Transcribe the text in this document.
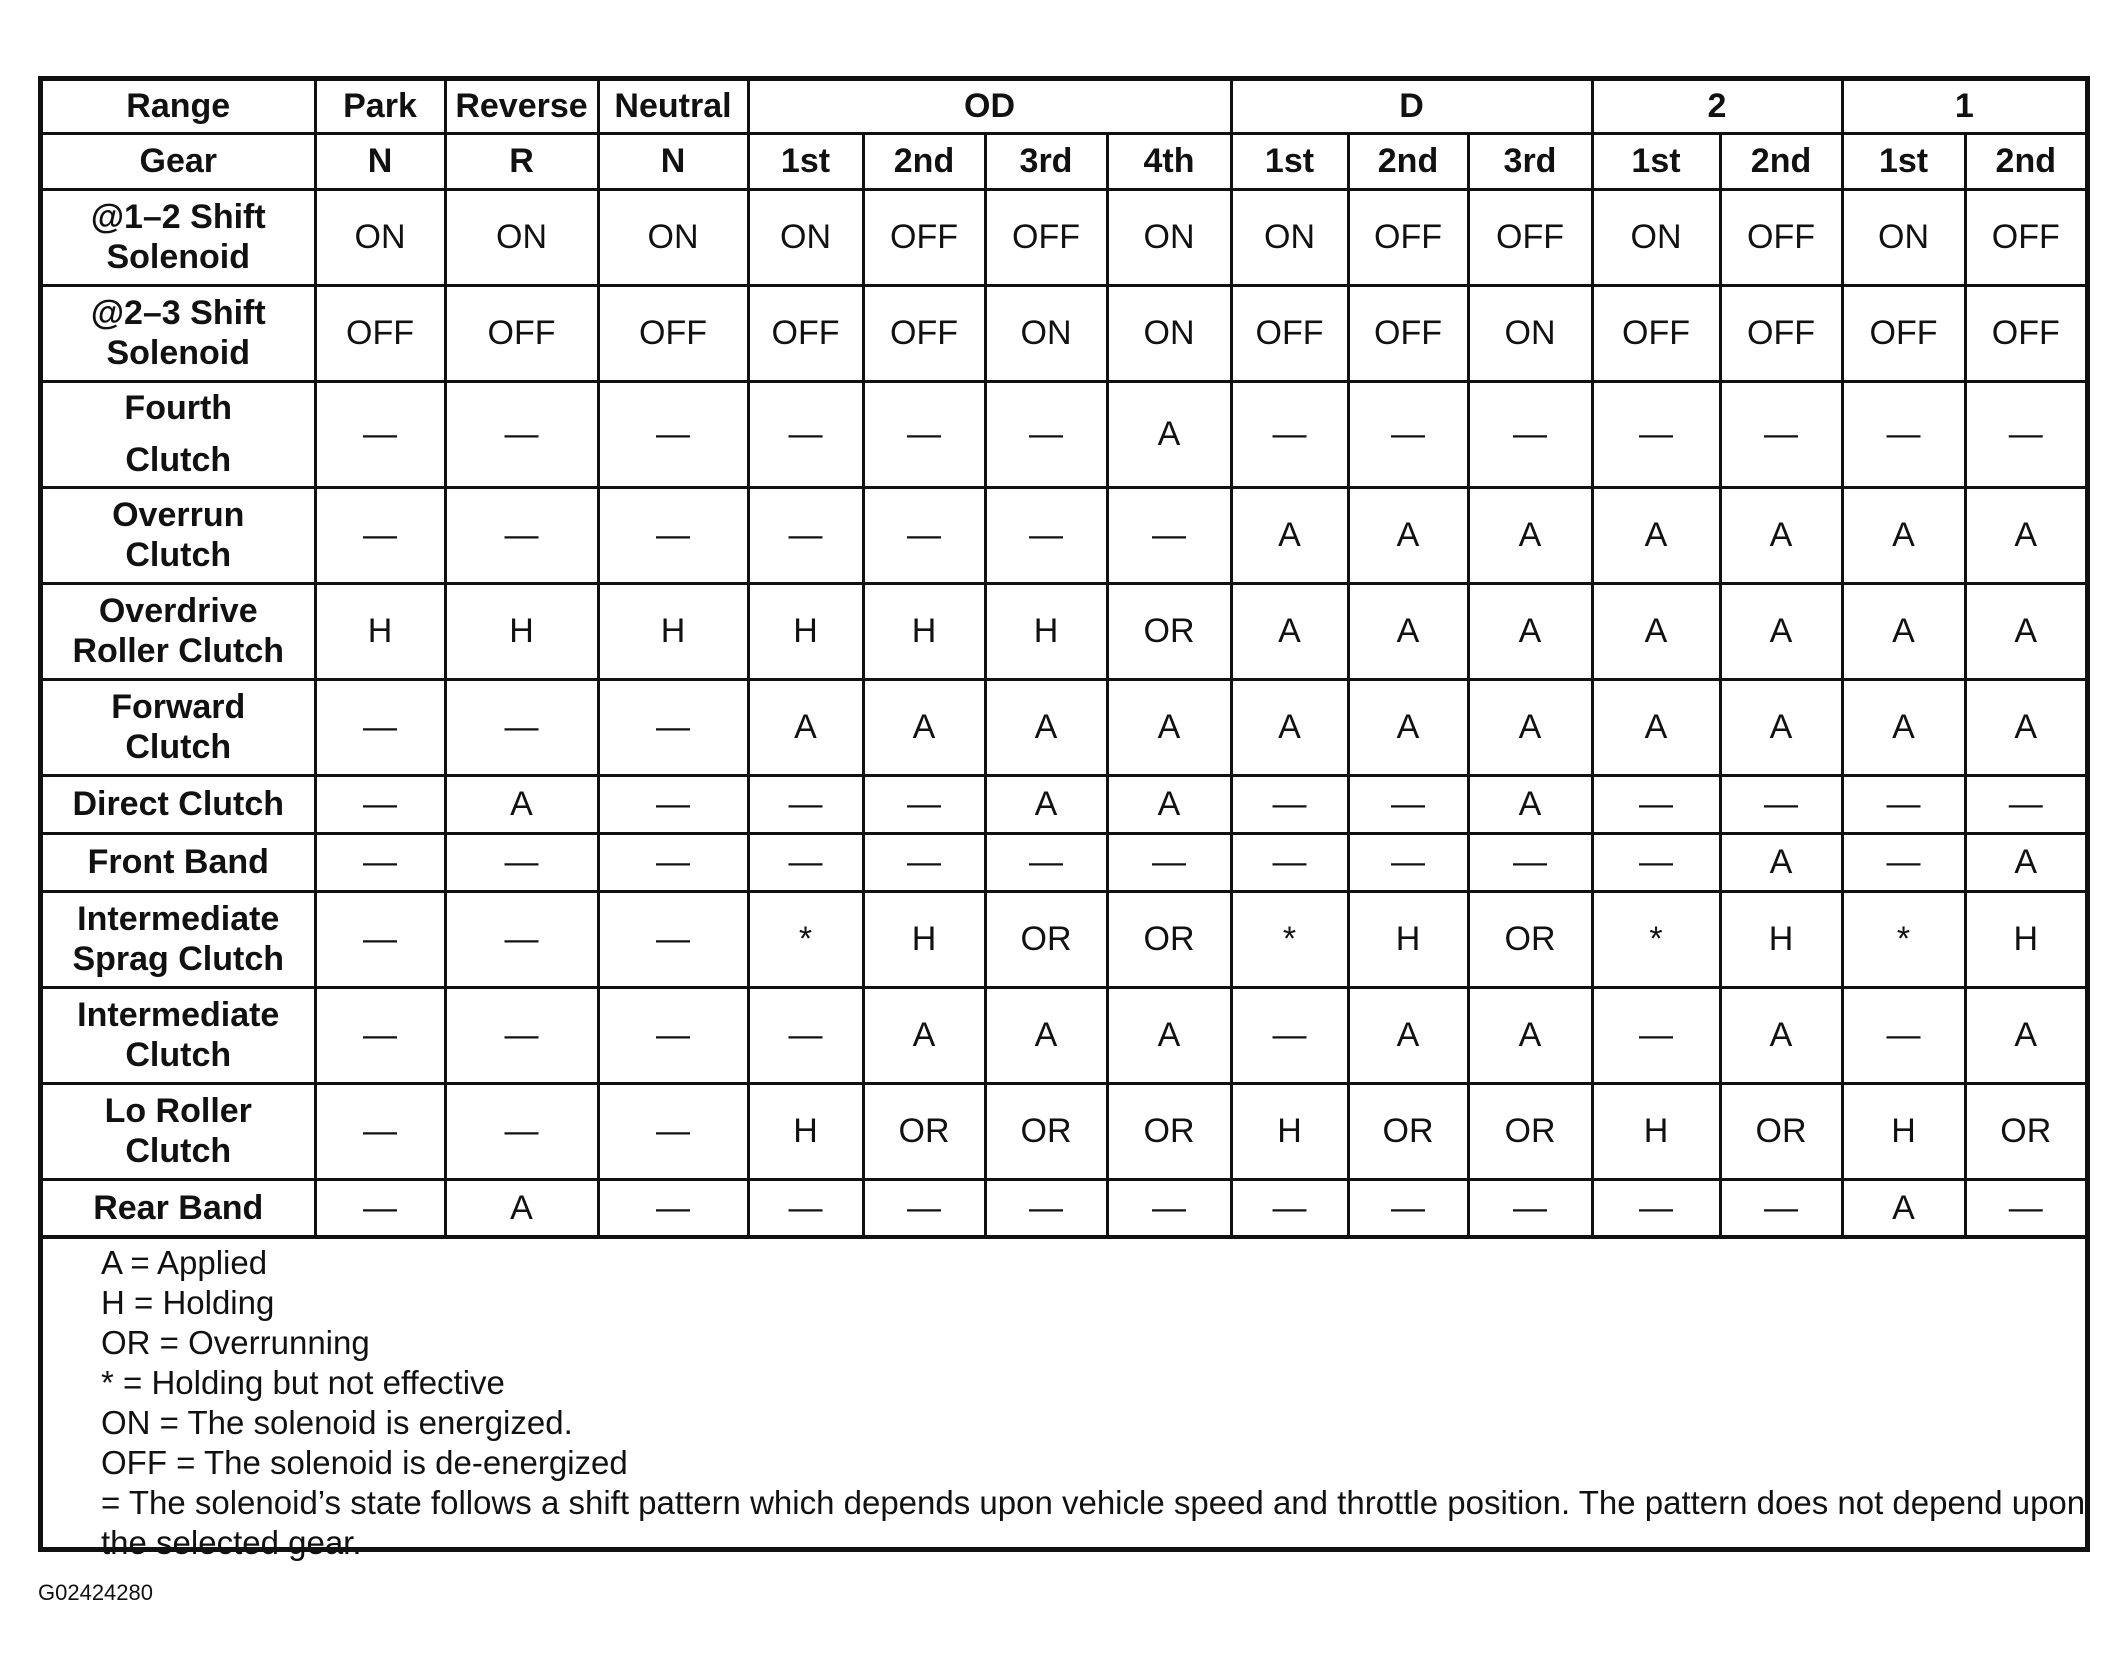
Range	Park	Reverse	Neutral	OD				D			2		1	
Gear	N	R	N	1st	2nd	3rd	4th	1st	2nd	3rd	1st	2nd	1st	2nd

@1–2 Shift
Solenoid	ON	ON	ON	ON	OFF	OFF	ON	ON	OFF	OFF	ON	OFF	ON	OFF

@2–3 Shift
Solenoid	OFF	OFF	OFF	OFF	OFF	ON	ON	OFF	OFF	ON	OFF	OFF	OFF	OFF

Fourth
Clutch	—	—	—	—	—	—	A	—	—	—	—	—	—	—

Overrun
Clutch	—	—	—	—	—	—	—	A	A	A	A	A	A	A

Overdrive
Roller Clutch	H	H	H	H	H	H	OR	A	A	A	A	A	A	A

Forward
Clutch	—	—	—	A	A	A	A	A	A	A	A	A	A	A

Direct Clutch	—	A	—	—	—	A	A	—	—	A	—	—	—	—

Front Band	—	—	—	—	—	—	—	—	—	—	—	A	—	A

Intermediate
Sprag Clutch	—	—	—	*	H	OR	OR	*	H	OR	*	H	*	H

Intermediate
Clutch	—	—	—	—	A	A	A	—	A	A	—	A	—	A

Lo Roller
Clutch	—	—	—	H	OR	OR	OR	H	OR	OR	H	OR	H	OR

Rear Band	—	A	—	—	—	—	—	—	—	—	—	—	A	—
A = Applied
H = Holding
OR = Overrunning
* = Holding but not effective
ON = The solenoid is energized.
OFF = The solenoid is de-energized
= The solenoid’s state follows a shift pattern which depends upon vehicle speed and throttle position. The pattern does not depend upon the selected gear.
G02424280
